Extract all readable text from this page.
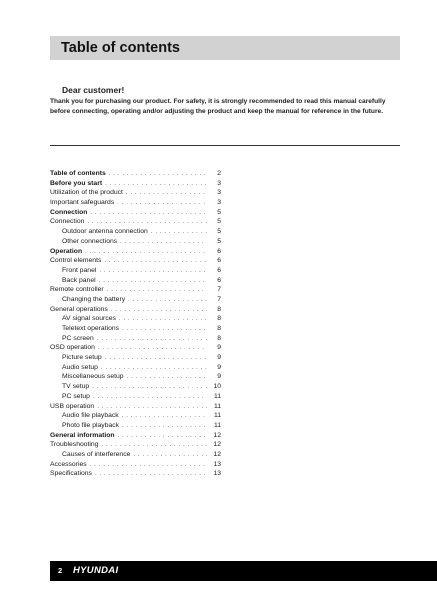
Table of contents
Dear customer!
Thank you for purchasing our product. For safety, it is strongly recommended to read this manual carefully before connecting, operating and/or adjusting the product and keep the manual for reference in the future.
Table of contents . . .	2
Before you start . . .	3
Utilization of the product . . .	3
Important safeguards . . .	3
Connection . . .	5
Connection . . .	5
Outdoor antenna connection . . .	5
Other connections . . .	5
Operation . . .	6
Control elements . . .	6
Front panel . . .	6
Back panel . . .	6
Remote controller . . .	7
Changing the battery . . .	7
General operations . . .	8
AV signal sources . . .	8
Teletext operations . . .	8
PC screen . . .	8
OSD operation . . .	9
Picture setup . . .	9
Audio setup . . .	9
Miscellaneous setup . . .	9
TV setup . . .	10
PC setup . . .	11
USB operation . . .	11
Audio file playback . . .	11
Photo file playback . . .	11
General information . . .	12
Troubleshooting . . .	12
Causes of interference . . .	12
Accessories . . .	13
Specifications . . .	13
2 HYUNDAI
